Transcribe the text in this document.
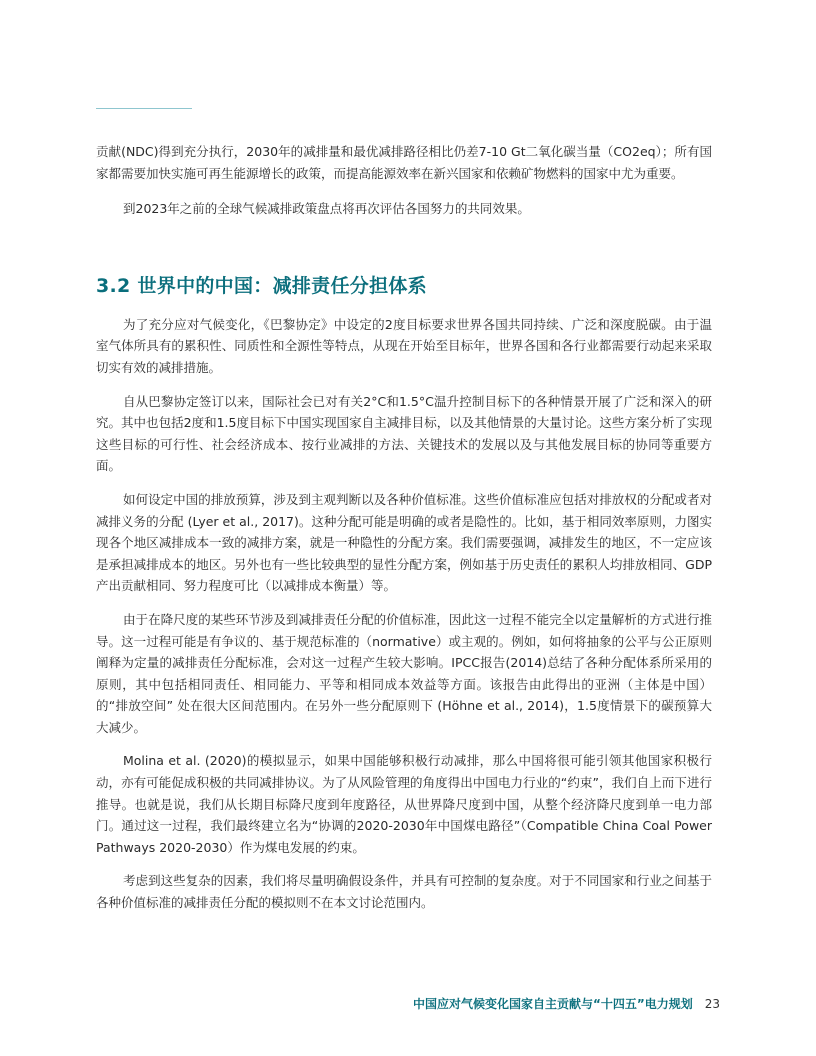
贡献(NDC)得到充分执行，2030年的减排量和最优减排路径相比仍差7-10 Gt二氧化碳当量（CO2eq）；所有国家都需要加快实施可再生能源增长的政策，而提高能源效率在新兴国家和依赖矿物燃料的国家中尤为重要。

到2023年之前的全球气候减排政策盘点将再次评估各国努力的共同效果。

3.2 世界中的中国：减排责任分担体系

为了充分应对气候变化，《巴黎协定》中设定的2度目标要求世界各国共同持续、广泛和深度脱碳。由于温室气体所具有的累积性、同质性和全源性等特点，从现在开始至目标年，世界各国和各行业都需要行动起来采取切实有效的减排措施。

自从巴黎协定签订以来，国际社会已对有关2°C和1.5°C温升控制目标下的各种情景开展了广泛和深入的研究。其中也包括2度和1.5度目标下中国实现国家自主减排目标，以及其他情景的大量讨论。这些方案分析了实现这些目标的可行性、社会经济成本、按行业减排的方法、关键技术的发展以及与其他发展目标的协同等重要方面。

如何设定中国的排放预算，涉及到主观判断以及各种价值标准。这些价值标准应包括对排放权的分配或者对减排义务的分配 (Lyer et al., 2017)。这种分配可能是明确的或者是隐性的。比如，基于相同效率原则，力图实现各个地区减排成本一致的减排方案，就是一种隐性的分配方案。我们需要强调，减排发生的地区，不一定应该是承担减排成本的地区。另外也有一些比较典型的显性分配方案，例如基于历史责任的累积人均排放相同、GDP产出贡献相同、努力程度可比（以减排成本衡量）等。

由于在降尺度的某些环节涉及到减排责任分配的价值标准，因此这一过程不能完全以定量解析的方式进行推导。这一过程可能是有争议的、基于规范标准的（normative）或主观的。例如，如何将抽象的公平与公正原则阐释为定量的减排责任分配标准，会对这一过程产生较大影响。IPCC报告(2014)总结了各种分配体系所采用的原则，其中包括相同责任、相同能力、平等和相同成本效益等方面。该报告由此得出的亚洲（主体是中国）的“排放空间” 处在很大区间范围内。在另外一些分配原则下 (Höhne et al., 2014)，1.5度情景下的碳预算大大减少。

Molina et al. (2020)的模拟显示，如果中国能够积极行动减排，那么中国将很可能引领其他国家积极行动，亦有可能促成积极的共同减排协议。为了从风险管理的角度得出中国电力行业的“约束”，我们自上而下进行推导。也就是说，我们从长期目标降尺度到年度路径，从世界降尺度到中国，从整个经济降尺度到单一电力部门。通过这一过程，我们最终建立名为“协调的2020-2030年中国煤电路径”（Compatible China Coal Power Pathways 2020-2030）作为煤电发展的约束。

考虑到这些复杂的因素，我们将尽量明确假设条件，并具有可控制的复杂度。对于不同国家和行业之间基于各种价值标准的减排责任分配的模拟则不在本文讨论范围内。

中国应对气候变化国家自主贡献与“十四五”电力规划 23
